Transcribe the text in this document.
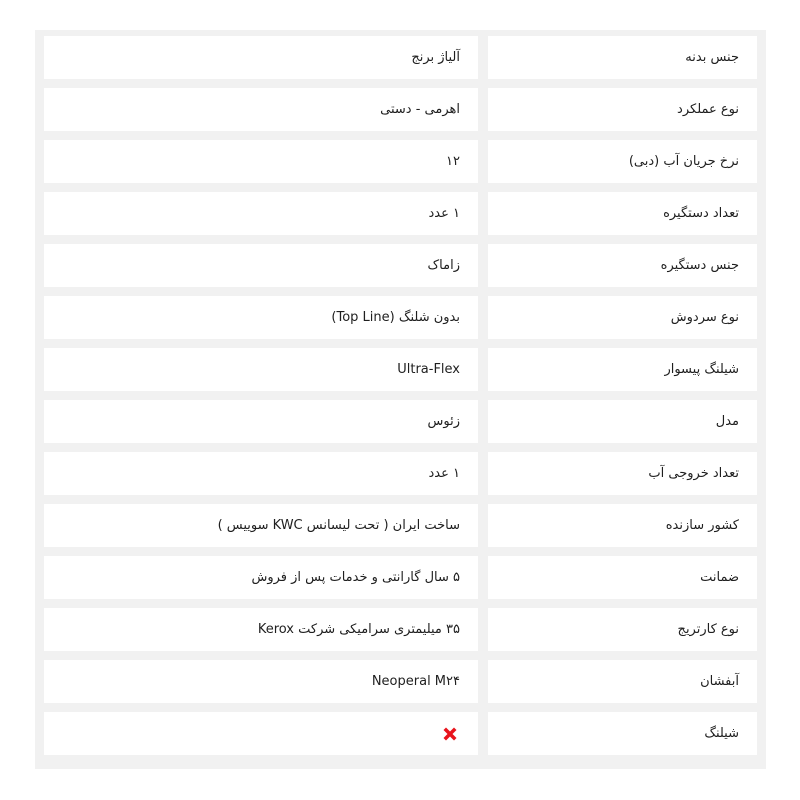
جنس بدنه
آلیاژ برنج
نوع عملکرد
اهرمی - دستی
نرخ جریان آب (دبی)
۱۲
تعداد دستگیره
۱ عدد
جنس دستگیره
زاماک
نوع سردوش
بدون شلنگ (Top Line)
شیلنگ پیسوار
Ultra-Flex
مدل
زئوس
تعداد خروجی آب
۱ عدد
کشور سازنده
ساخت ایران ( تحت لیسانس KWC سوییس )
ضمانت
۵ سال گارانتی و خدمات پس از فروش
نوع کارتریج
۳۵ میلیمتری سرامیکی شرکت Kerox
آبفشان
Neoperal M۲۴
شیلنگ
